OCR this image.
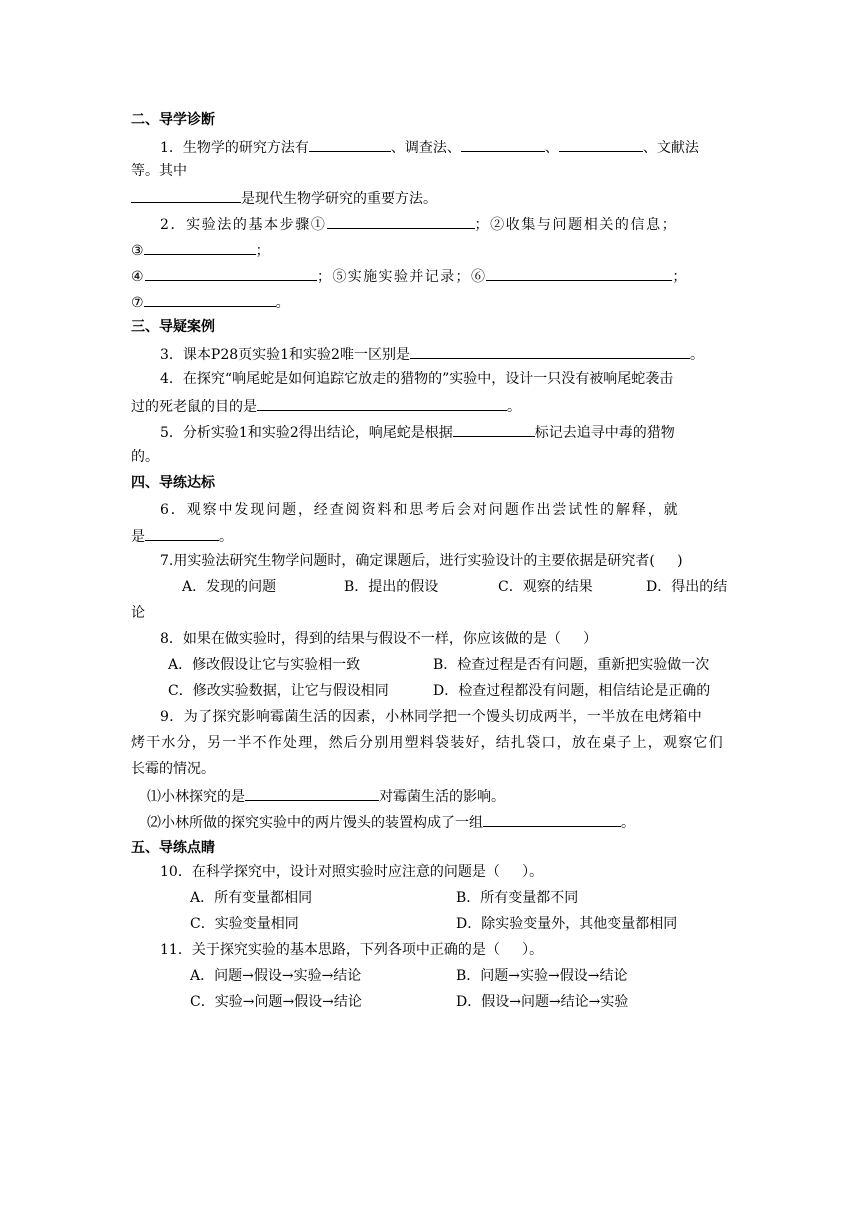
二、导学诊断
1．生物学的研究方法有	、调查法、	、	、文献法
等。其中
是现代生物学研究的重要方法。
2．实验法的基本步骤①	；②收集与问题相关的信息；
③	；
④	；⑤实施实验并记录；⑥	；
⑦	。
三、导疑案例
3．课本P28页实验1和实验2唯一区别是	。
4．在探究“响尾蛇是如何追踪它放走的猎物的”实验中，设计一只没有被响尾蛇袭击
过的死老鼠的目的是	。
5．分析实验1和实验2得出结论，响尾蛇是根据	标记去追寻中毒的猎物
的。
四、导练达标
6．观察中发现问题，经查阅资料和思考后会对问题作出尝试性的解释，就
是	。
7.用实验法研究生物学问题时，确定课题后，进行实验设计的主要依据是研究者(     )
A．发现的问题	B．提出的假设	C．观察的结果	D．得出的结
论
8．如果在做实验时，得到的结果与假设不一样，你应该做的是（     ）
A．修改假设让它与实验相一致	B．检查过程是否有问题，重新把实验做一次
C．修改实验数据，让它与假设相同	D．检查过程都没有问题，相信结论是正确的
9．为了探究影响霉菌生活的因素，小林同学把一个馒头切成两半，一半放在电烤箱中
烤干水分，另一半不作处理，然后分别用塑料袋装好，结扎袋口，放在桌子上，观察它们
长霉的情况。
⑴小林探究的是	对霉菌生活的影响。
⑵小林所做的探究实验中的两片馒头的装置构成了一组	。
五、导练点睛
10．在科学探究中，设计对照实验时应注意的问题是（     ）。
A．所有变量都相同	B．所有变量都不同
C．实验变量相同	D．除实验变量外，其他变量都相同
11．关于探究实验的基本思路，下列各项中正确的是（     ）。
A．问题→假设→实验→结论	B．问题→实验→假设→结论
C．实验→问题→假设→结论	D．假设→问题→结论→实验
